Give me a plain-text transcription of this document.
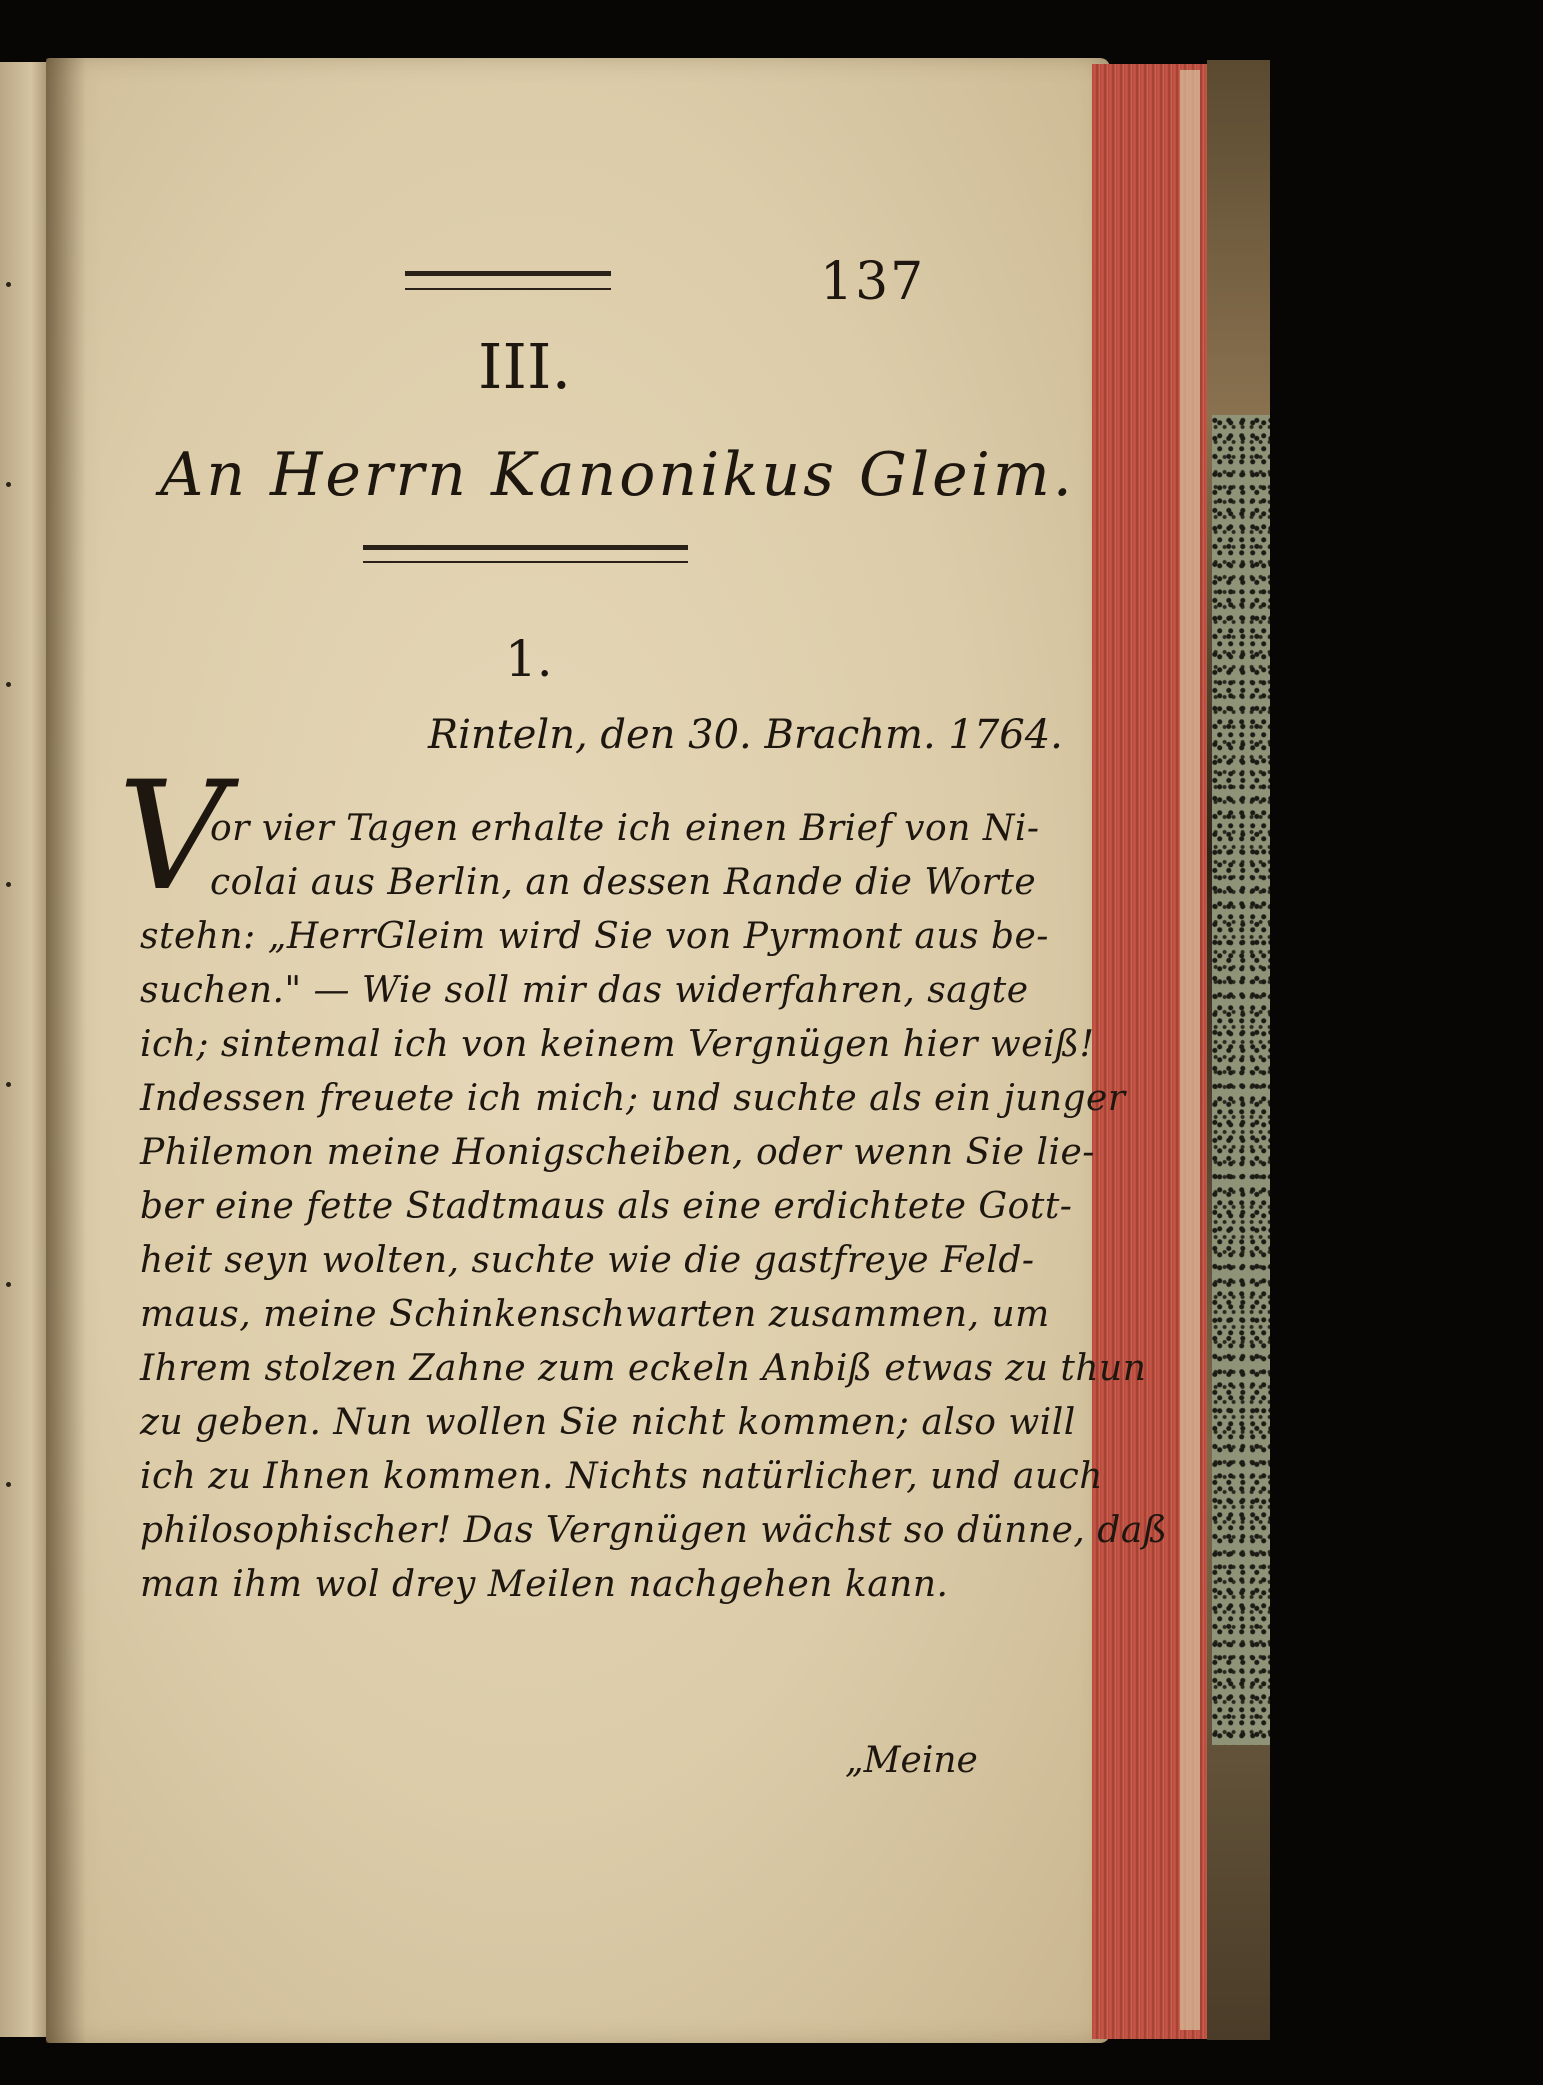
137
III.
An Herrn Kanonikus Gleim.
1.
Rinteln, den 30. Brachm. 1764.
V
or vier Tagen erhalte ich einen Brief von Ni-
colai aus Berlin, an dessen Rande die Worte
stehn: „HerrGleim wird Sie von Pyrmont aus be-
suchen." — Wie soll mir das widerfahren, sagte
ich; sintemal ich von keinem Vergnügen hier weiß!
Indessen freuete ich mich; und suchte als ein junger
Philemon meine Honigscheiben, oder wenn Sie lie-
ber eine fette Stadtmaus als eine erdichtete Gott-
heit seyn wolten, suchte wie die gastfreye Feld-
maus, meine Schinkenschwarten zusammen, um
Ihrem stolzen Zahne zum eckeln Anbiß etwas zu thun
zu geben. Nun wollen Sie nicht kommen; also will
ich zu Ihnen kommen. Nichts natürlicher, und auch
philosophischer! Das Vergnügen wächst so dünne, daß
man ihm wol drey Meilen nachgehen kann.
„Meine
